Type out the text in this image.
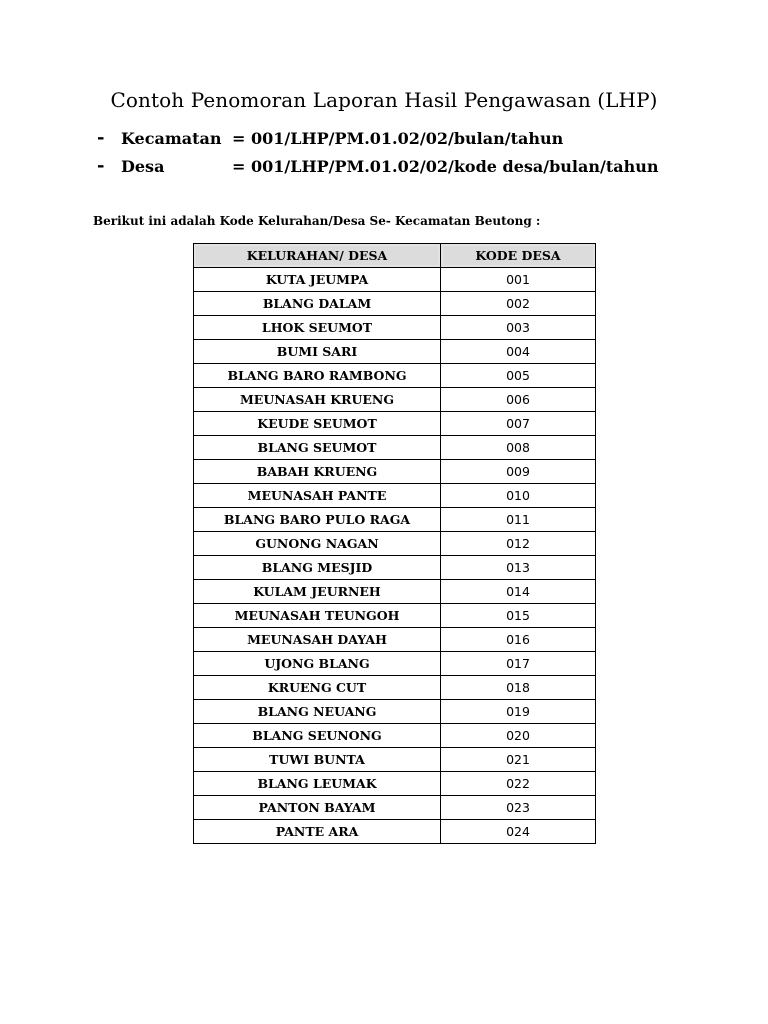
Contoh Penomoran Laporan Hasil Pengawasan (LHP)
- Kecamatan = 001/LHP/PM.01.02/02/bulan/tahun
- Desa	= 001/LHP/PM.01.02/02/kode desa/bulan/tahun
Berikut ini adalah Kode Kelurahan/Desa Se- Kecamatan Beutong :
KELURAHAN/ DESA	KODE DESA

KUTA JEUMPA	001
BLANG DALAM	002
LHOK SEUMOT	003
BUMI SARI	004
BLANG BARO RAMBONG	005
MEUNASAH KRUENG	006
KEUDE SEUMOT	007
BLANG SEUMOT	008
BABAH KRUENG	009
MEUNASAH PANTE	010
BLANG BARO PULO RAGA	011
GUNONG NAGAN	012
BLANG MESJID	013
KULAM JEURNEH	014
MEUNASAH TEUNGOH	015
MEUNASAH DAYAH	016
UJONG BLANG	017
KRUENG CUT	018
BLANG NEUANG	019
BLANG SEUNONG	020
TUWI BUNTA	021
BLANG LEUMAK	022
PANTON BAYAM	023
PANTE ARA	024
